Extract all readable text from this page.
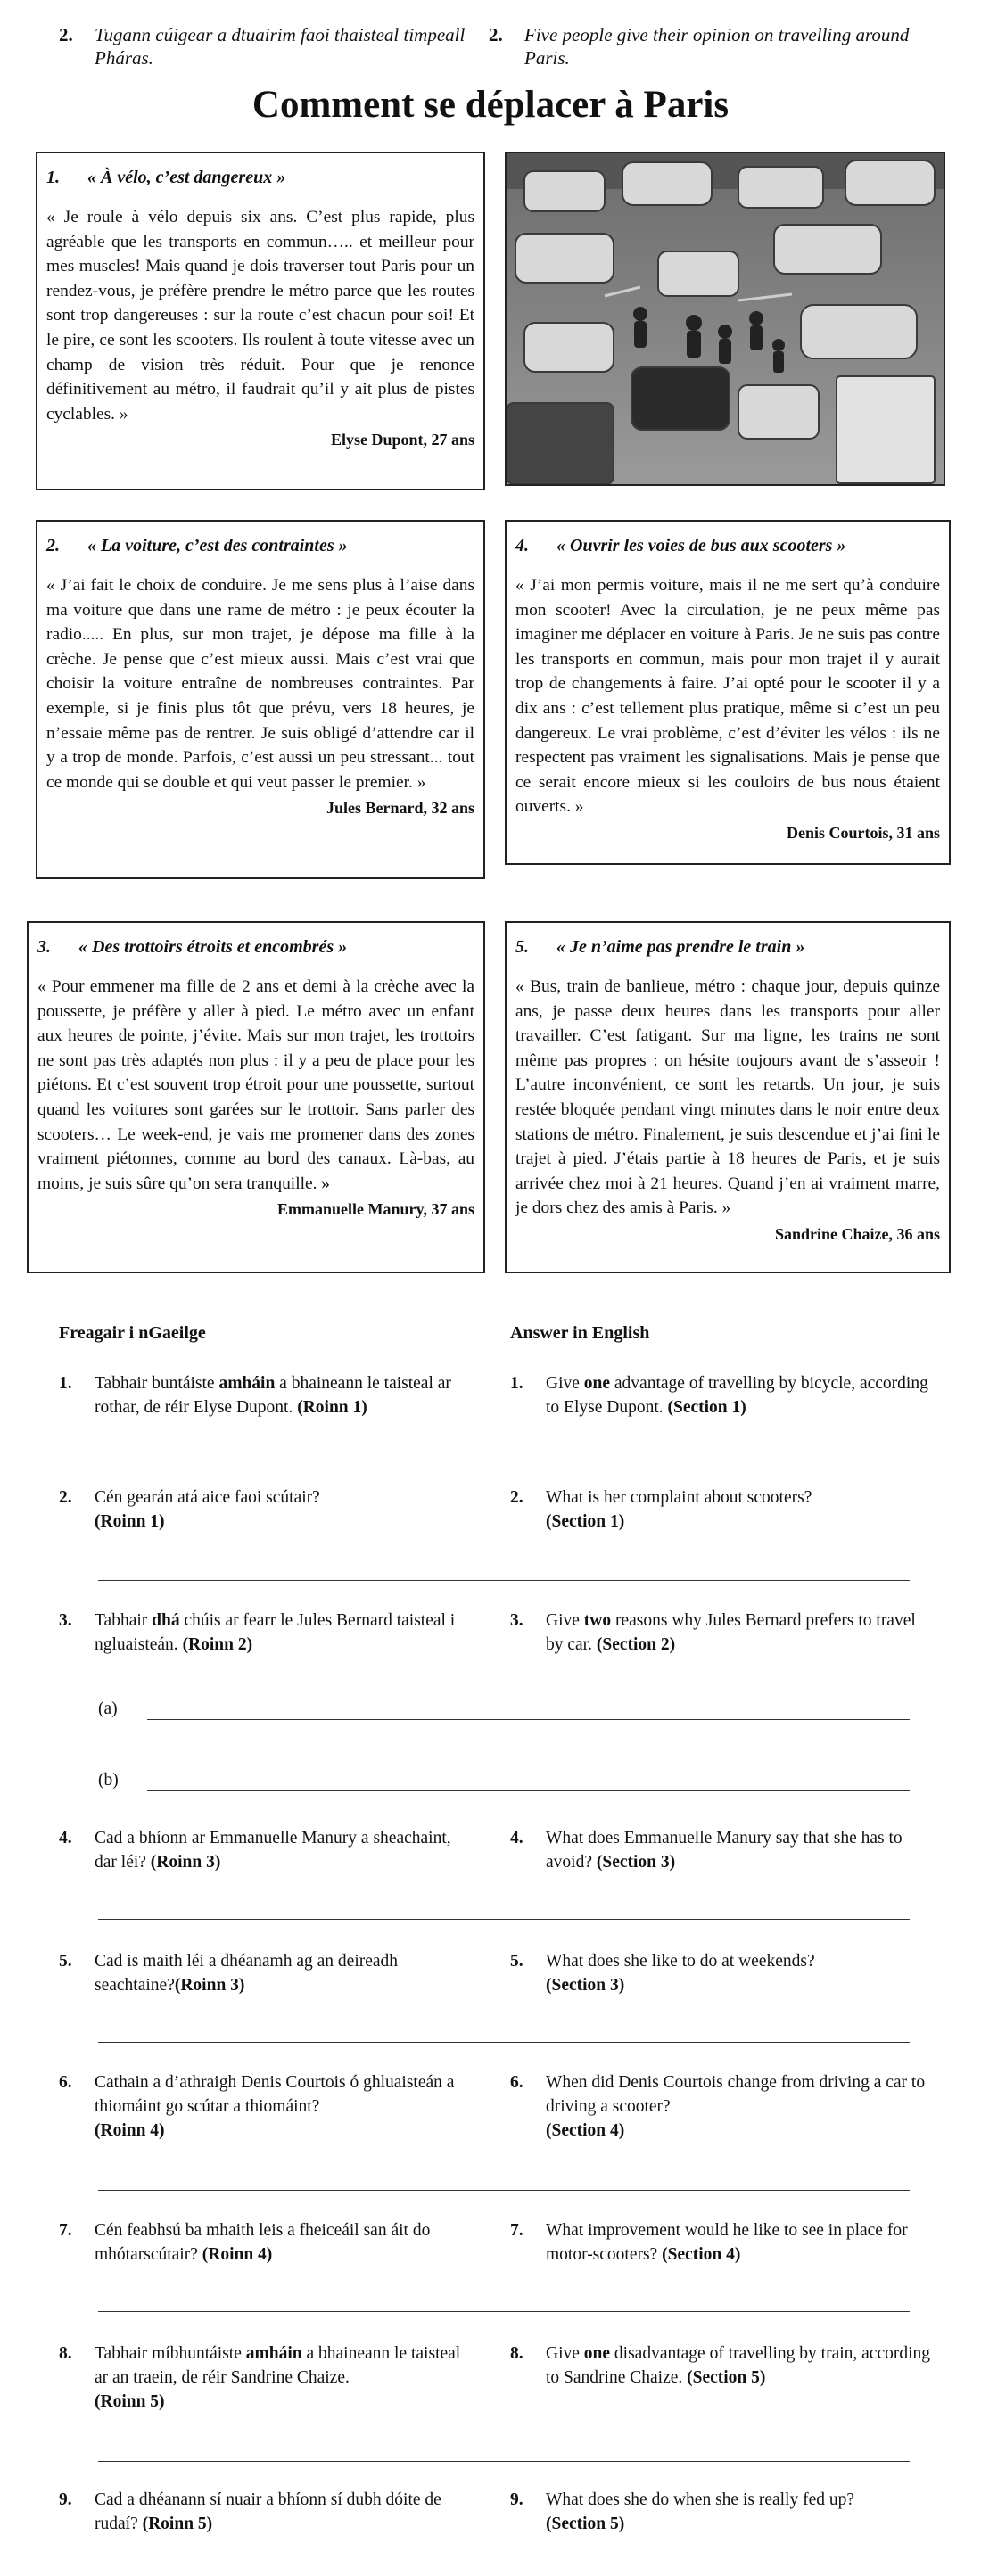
2. Tugann cúigear a dtuairim faoi thaisteal timpeall Pháras.
2. Five people give their opinion on travelling around Paris.
Comment se déplacer à Paris
1. « À vélo, c’est dangereux »
« Je roule à vélo depuis six ans. C’est plus rapide, plus agréable que les transports en commun….. et meilleur pour mes muscles! Mais quand je dois traverser tout Paris pour un rendez-vous, je préfère prendre le métro parce que les routes sont trop dangereuses : sur la route c’est chacun pour soi! Et le pire, ce sont les scooters. Ils roulent à toute vitesse avec un champ de vision très réduit. Pour que je renonce définitivement au métro, il faudrait qu’il y ait plus de pistes cyclables. »
Elyse Dupont, 27 ans
2. « La voiture, c’est des contraintes »
« J’ai fait le choix de conduire. Je me sens plus à l’aise dans ma voiture que dans une rame de métro : je peux écouter la radio..... En plus, sur mon trajet, je dépose ma fille à la crèche. Je pense que c’est mieux aussi. Mais c’est vrai que choisir la voiture entraîne de nombreuses contraintes. Par exemple, si je finis plus tôt que prévu, vers 18 heures, je n’essaie même pas de rentrer. Je suis obligé d’attendre car il y a trop de monde. Parfois, c’est aussi un peu stressant... tout ce monde qui se double et qui veut passer le premier. »
Jules Bernard, 32 ans
4. « Ouvrir les voies de bus aux scooters »
« J’ai mon permis voiture, mais il ne me sert qu’à conduire mon scooter! Avec la circulation, je ne peux même pas imaginer me déplacer en voiture à Paris. Je ne suis pas contre les transports en commun, mais pour mon trajet il y aurait trop de changements à faire. J’ai opté pour le scooter il y a dix ans : c’est tellement plus pratique, même si c’est un peu dangereux. Le vrai problème, c’est d’éviter les vélos : ils ne respectent pas vraiment les signalisations. Mais je pense que ce serait encore mieux si les couloirs de bus nous étaient ouverts. »
Denis Courtois, 31 ans
3. « Des trottoirs étroits et encombrés »
« Pour emmener ma fille de 2 ans et demi à la crèche avec la poussette, je préfère y aller à pied. Le métro avec un enfant aux heures de pointe, j’évite. Mais sur mon trajet, les trottoirs ne sont pas très adaptés non plus : il y a peu de place pour les piétons. Et c’est souvent trop étroit pour une poussette, surtout quand les voitures sont garées sur le trottoir. Sans parler des scooters… Le week-end, je vais me promener dans des zones vraiment piétonnes, comme au bord des canaux. Là-bas, au moins, je suis sûre qu’on sera tranquille. »
Emmanuelle Manury, 37 ans
5. « Je n’aime pas prendre le train »
« Bus, train de banlieue, métro : chaque jour, depuis quinze ans, je passe deux heures dans les transports pour aller travailler. C’est fatigant. Sur ma ligne, les trains ne sont même pas propres : on hésite toujours avant de s’asseoir ! L’autre inconvénient, ce sont les retards. Un jour, je suis restée bloquée pendant vingt minutes dans le noir entre deux stations de métro. Finalement, je suis descendue et j’ai fini le trajet à pied. J’étais partie à 18 heures de Paris, et je suis arrivée chez moi à 21 heures. Quand j’en ai vraiment marre, je dors chez des amis à Paris. »
Sandrine Chaize, 36 ans
Freagair i nGaeilge	Answer in English
1. Tabhair buntáiste amháin a bhaineann le taisteal ar rothar, de réir Elyse Dupont. (Roinn 1)
1. Give one advantage of travelling by bicycle, according to Elyse Dupont. (Section 1)
2. Cén gearán atá aice faoi scútair?
(Roinn 1)
2. What is her complaint about scooters?
(Section 1)
3. Tabhair dhá chúis ar fearr le Jules Bernard taisteal i ngluaisteán. (Roinn 2)
3. Give two reasons why Jules Bernard prefers to travel by car. (Section 2)
(a)
(b)
4. Cad a bhíonn ar Emmanuelle Manury a sheachaint, dar léi? (Roinn 3)
4. What does Emmanuelle Manury say that she has to avoid? (Section 3)
5. Cad is maith léi a dhéanamh ag an deireadh seachtaine?(Roinn 3)
5. What does she like to do at weekends?
(Section 3)
6. Cathain a d’athraigh Denis Courtois ó ghluaisteán a thiomáint go scútar a thiomáint?
(Roinn 4)
6. When did Denis Courtois change from driving a car to driving a scooter?
(Section 4)
7. Cén feabhsú ba mhaith leis a fheiceáil san áit do mhótarscútair? (Roinn 4)
7. What improvement would he like to see in place for motor-scooters? (Section 4)
8. Tabhair míbhuntáiste amháin a bhaineann le taisteal ar an traein, de réir Sandrine Chaize.
(Roinn 5)
8. Give one disadvantage of travelling by train, according to Sandrine Chaize. (Section 5)
9. Cad a dhéanann sí nuair a bhíonn sí dubh dóite de rudaí? (Roinn 5)
9. What does she do when she is really fed up?
(Section 5)
